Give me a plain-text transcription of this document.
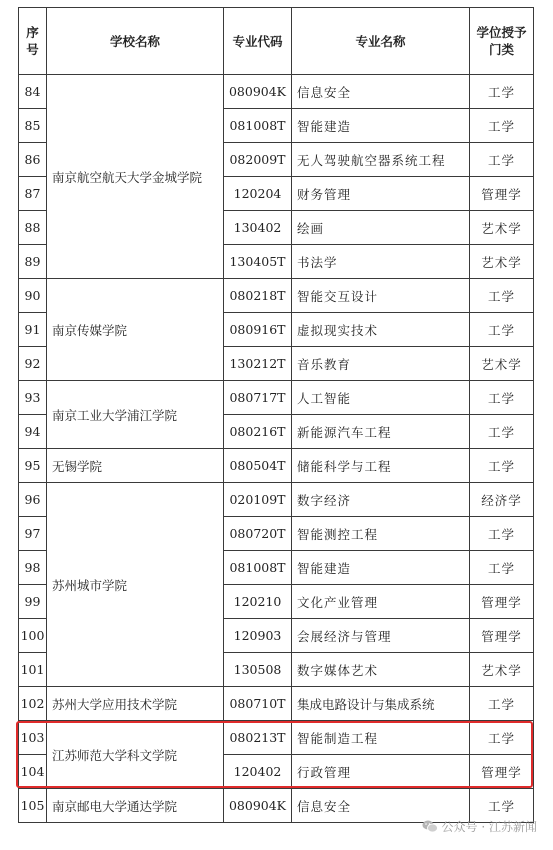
序号	学校名称	专业代码	专业名称	学位授予门类
84	南京航空航天大学金城学院	080904K	信息安全	工学
85		081008T	智能建造	工学
86		082009T	无人驾驶航空器系统工程	工学
87		120204	财务管理	管理学
88		130402	绘画	艺术学
89		130405T	书法学	艺术学
90	南京传媒学院	080218T	智能交互设计	工学
91		080916T	虚拟现实技术	工学
92		130212T	音乐教育	艺术学
93	南京工业大学浦江学院	080717T	人工智能	工学
94		080216T	新能源汽车工程	工学
95	无锡学院	080504T	储能科学与工程	工学
96	苏州城市学院	020109T	数字经济	经济学
97		080720T	智能测控工程	工学
98		081008T	智能建造	工学
99		120210	文化产业管理	管理学
100		120903	会展经济与管理	管理学
101		130508	数字媒体艺术	艺术学
102	苏州大学应用技术学院	080710T	集成电路设计与集成系统	工学
103	江苏师范大学科文学院	080213T	智能制造工程	工学
104		120402	行政管理	管理学
105	南京邮电大学通达学院	080904K	信息安全	工学
公众号 · 江苏新闻
